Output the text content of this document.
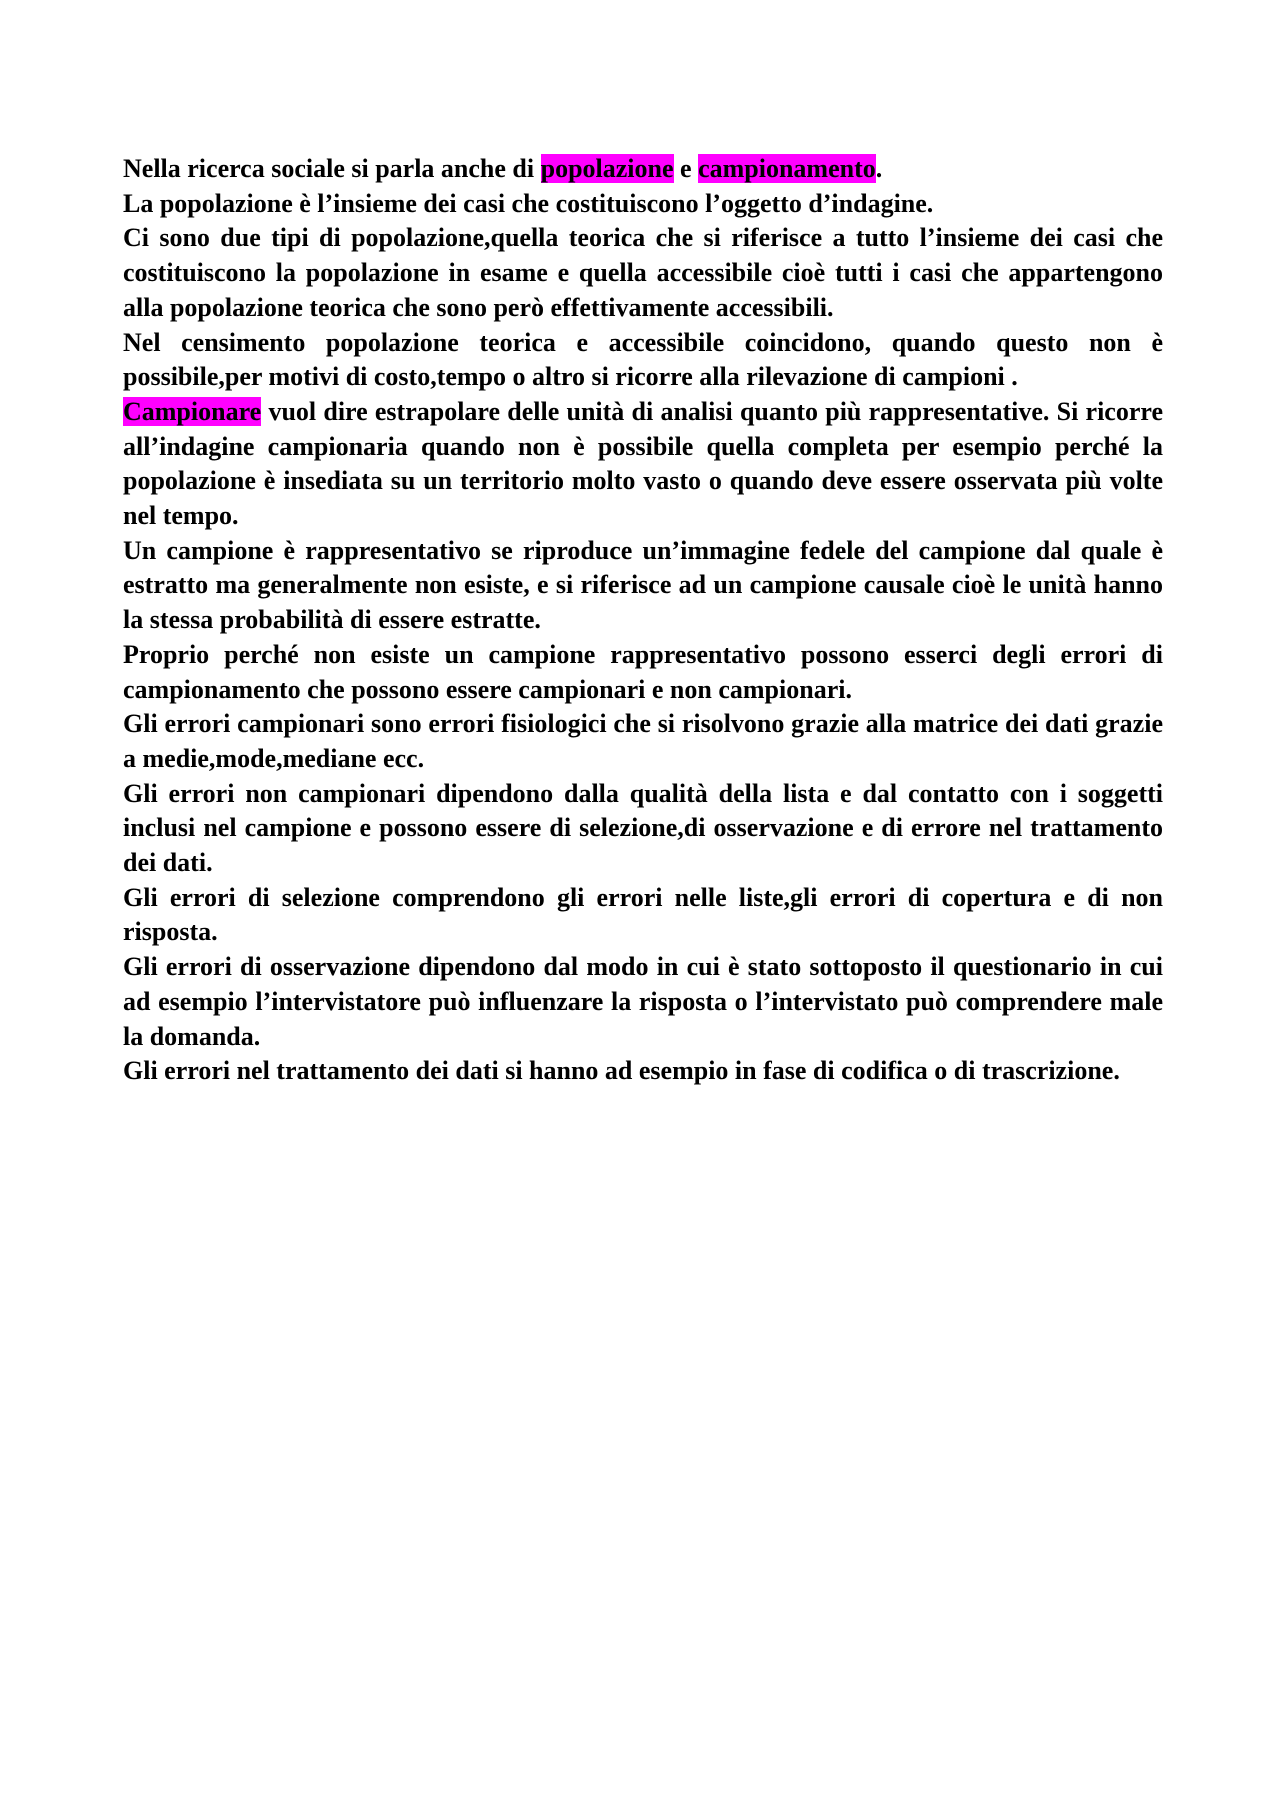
Nella ricerca sociale si parla anche di popolazione e campionamento.

La popolazione è l’insieme dei casi che costituiscono l’oggetto d’indagine.

Ci sono due tipi di popolazione,quella teorica che si riferisce a tutto l’insieme dei casi che costituiscono la popolazione in esame e quella accessibile cioè tutti i casi che appartengono alla popolazione teorica che sono però effettivamente accessibili.

Nel censimento popolazione teorica e accessibile coincidono, quando questo non è possibile,per motivi di costo,tempo o altro si ricorre alla rilevazione di campioni .

Campionare vuol dire estrapolare delle unità di analisi quanto più rappresentative. Si ricorre all’indagine campionaria quando non è possibile quella completa per esempio perché la popolazione è insediata su un territorio molto vasto o quando deve essere osservata più volte nel tempo.

Un campione è rappresentativo se riproduce un’immagine fedele del campione dal quale è estratto ma generalmente non esiste, e si riferisce ad un campione causale cioè le unità hanno la stessa probabilità di essere estratte.

Proprio perché non esiste un campione rappresentativo possono esserci degli errori di campionamento che possono essere campionari e non campionari.

Gli errori campionari sono errori fisiologici che si risolvono grazie alla matrice dei dati grazie a medie,mode,mediane ecc.

Gli errori non campionari dipendono dalla qualità della lista e dal contatto con i soggetti inclusi nel campione e possono essere di selezione,di osservazione e di errore nel trattamento dei dati.

Gli errori di selezione comprendono gli errori nelle liste,gli errori di copertura e di non risposta.

Gli errori di osservazione dipendono dal modo in cui è stato sottoposto il questionario in cui ad esempio l’intervistatore può influenzare la risposta o l’intervistato può comprendere male la domanda.

Gli errori nel trattamento dei dati si hanno ad esempio in fase di codifica o di trascrizione.
